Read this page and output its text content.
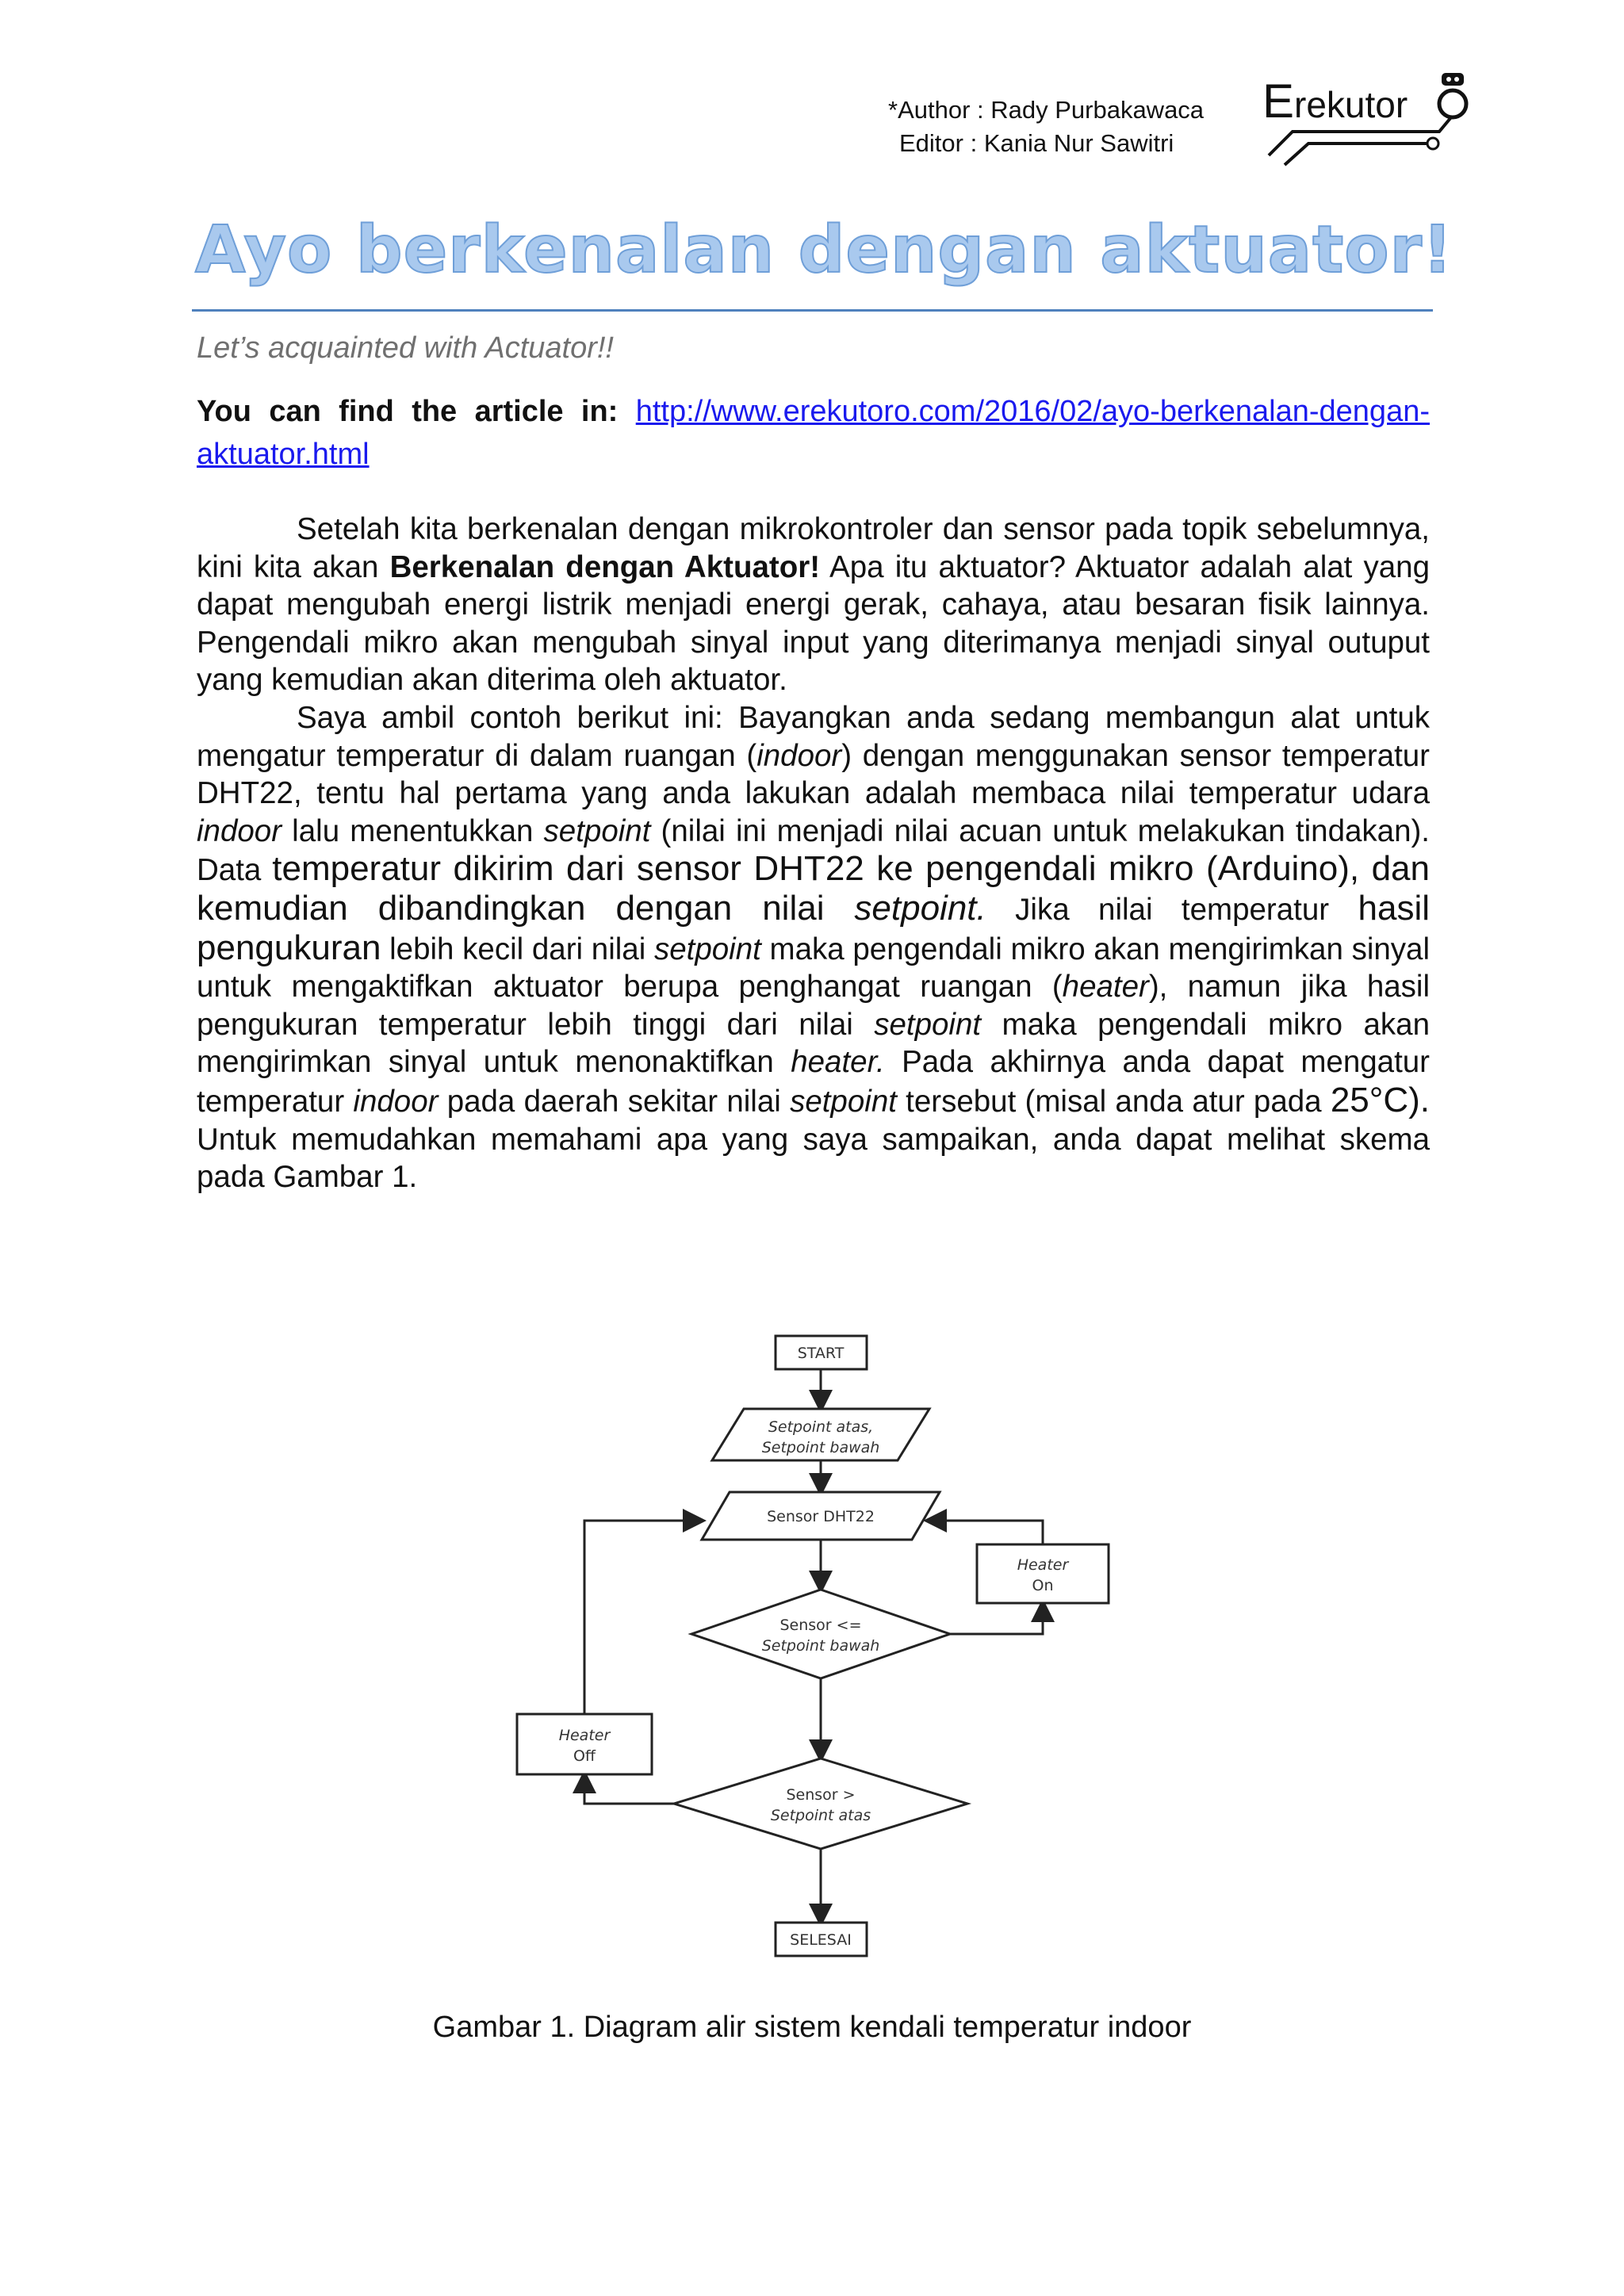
*Author : Rady Purbakawaca
Editor : Kania Nur Sawitri
E rekutor
Ayo berkenalan dengan aktuator!
Let’s acquainted with Actuator!!
You can find the article in: http://www.erekutoro.com/2016/02/ayo-berkenalan-dengan-aktuator.html

Setelah kita berkenalan dengan mikrokontroler dan sensor pada topik sebelumnya, kini kita akan Berkenalan dengan Aktuator! Apa itu aktuator? Aktuator adalah alat yang dapat mengubah energi listrik menjadi energi gerak, cahaya, atau besaran fisik lainnya. Pengendali mikro akan mengubah sinyal input yang diterimanya menjadi sinyal outuput yang kemudian akan diterima oleh aktuator.

Saya ambil contoh berikut ini: Bayangkan anda sedang membangun alat untuk mengatur temperatur di dalam ruangan (indoor) dengan menggunakan sensor temperatur DHT22, tentu hal pertama yang anda lakukan adalah membaca nilai temperatur udara indoor lalu menentukkan setpoint (nilai ini menjadi nilai acuan untuk melakukan tindakan). Data temperatur dikirim dari sensor DHT22 ke pengendali mikro (Arduino), dan kemudian dibandingkan dengan nilai setpoint. Jika nilai temperatur hasil pengukuran lebih kecil dari nilai setpoint maka pengendali mikro akan mengirimkan sinyal untuk mengaktifkan aktuator berupa penghangat ruangan (heater), namun jika hasil pengukuran temperatur lebih tinggi dari nilai setpoint maka pengendali mikro akan mengirimkan sinyal untuk menonaktifkan heater. Pada akhirnya anda dapat mengatur temperatur indoor pada daerah sekitar nilai setpoint tersebut (misal anda atur pada 25°C). Untuk memudahkan memahami apa yang saya sampaikan, anda dapat melihat skema pada Gambar 1.

START
Setpoint atas,
Setpoint bawah
Sensor DHT22
Sensor <=
Setpoint bawah
Heater
On
Heater
Off
Sensor >
Setpoint atas
SELESAI
Gambar 1. Diagram alir sistem kendali temperatur indoor
